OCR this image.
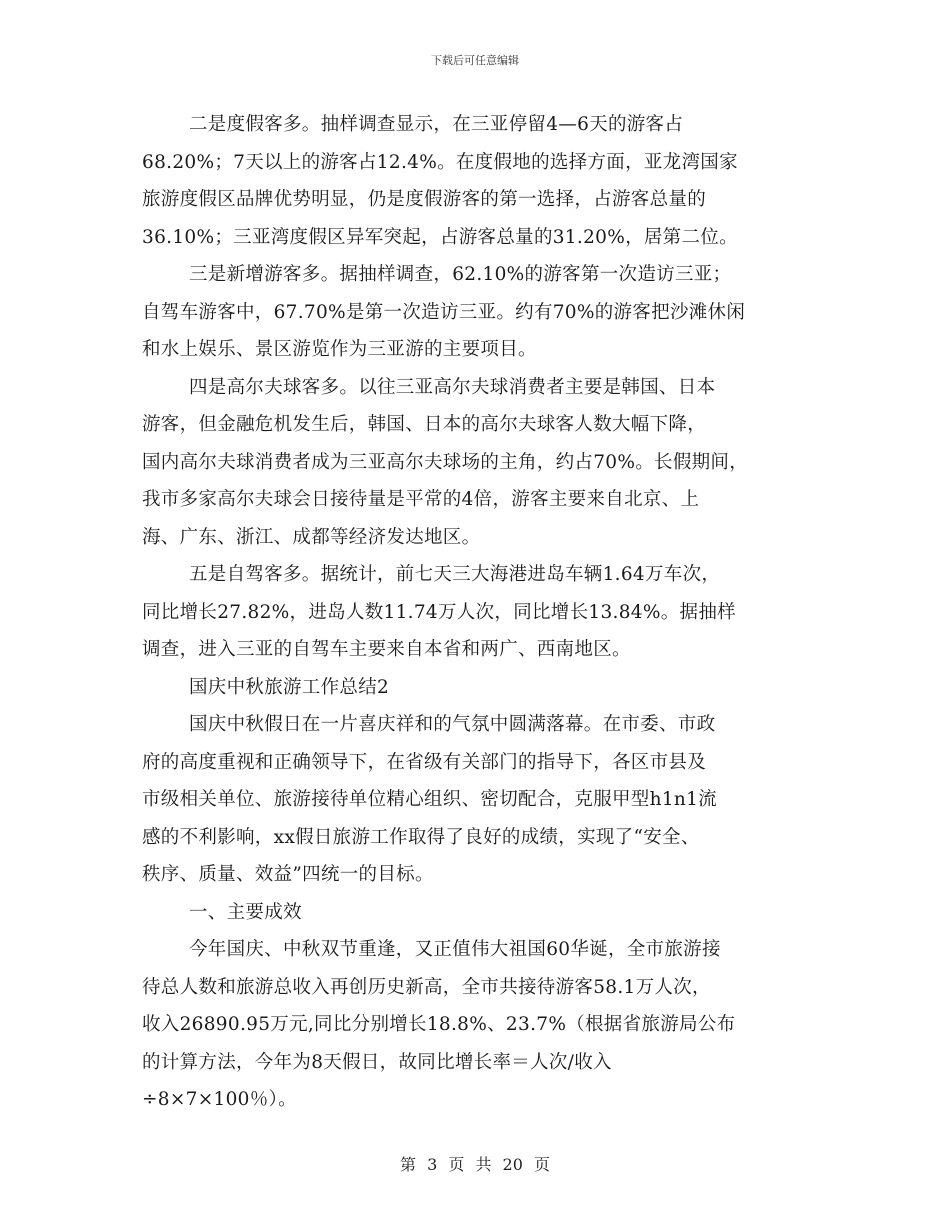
下载后可任意编辑
二是度假客多。抽样调查显示，在三亚停留4—6天的游客占
68.20%；7天以上的游客占12.4%。在度假地的选择方面，亚龙湾国家
旅游度假区品牌优势明显，仍是度假游客的第一选择，占游客总量的
36.10%；三亚湾度假区异军突起，占游客总量的31.20%，居第二位。
三是新增游客多。据抽样调查，62.10%的游客第一次造访三亚；
自驾车游客中，67.70%是第一次造访三亚。约有70%的游客把沙滩休闲
和水上娱乐、景区游览作为三亚游的主要项目。
四是高尔夫球客多。以往三亚高尔夫球消费者主要是韩国、日本
游客，但金融危机发生后，韩国、日本的高尔夫球客人数大幅下降，
国内高尔夫球消费者成为三亚高尔夫球场的主角，约占70%。长假期间，
我市多家高尔夫球会日接待量是平常的4倍，游客主要来自北京、上
海、广东、浙江、成都等经济发达地区。
五是自驾客多。据统计，前七天三大海港进岛车辆1.64万车次，
同比增长27.82%，进岛人数11.74万人次，同比增长13.84%。据抽样
调查，进入三亚的自驾车主要来自本省和两广、西南地区。
国庆中秋旅游工作总结2
国庆中秋假日在一片喜庆祥和的气氛中圆满落幕。在市委、市政
府的高度重视和正确领导下，在省级有关部门的指导下，各区市县及
市级相关单位、旅游接待单位精心组织、密切配合，克服甲型h1n1流
感的不利影响，xx假日旅游工作取得了良好的成绩，实现了“安全、
秩序、质量、效益”四统一的目标。
一、主要成效
今年国庆、中秋双节重逢，又正值伟大祖国60华诞，全市旅游接
待总人数和旅游总收入再创历史新高，全市共接待游客58.1万人次，
收入26890.95万元,同比分别增长18.8%、23.7%（根据省旅游局公布
的计算方法，今年为8天假日，故同比增长率＝人次/收入
÷8×7×100％）。
第 3 页 共 20 页
